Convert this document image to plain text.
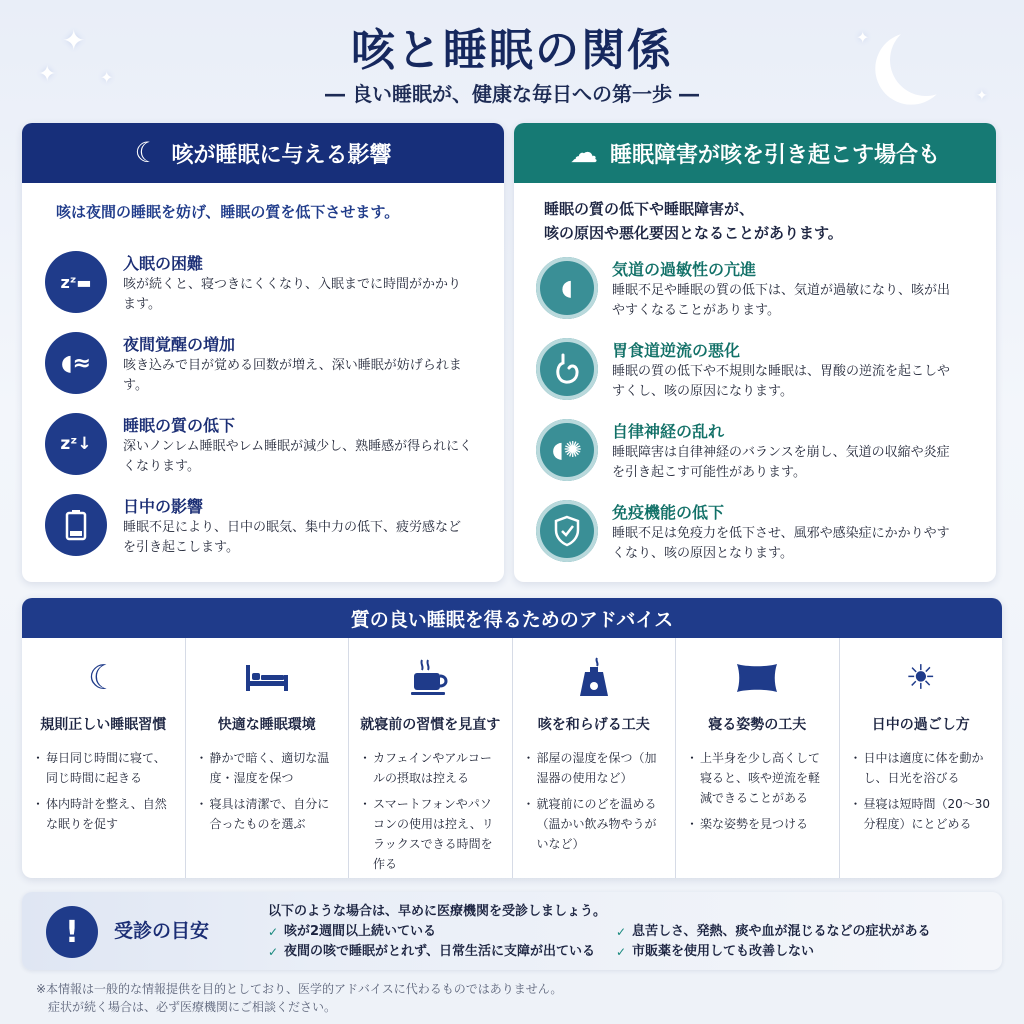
✦
✦	✦
✦
✦
咳と睡眠の関係
― 良い睡眠が、健康な毎日への第一歩 ―
☾ 咳が睡眠に与える影響
咳は夜間の睡眠を妨げ、睡眠の質を低下させます。
zᶻ▬
入眠の困難
咳が続くと、寝つきにくくなり、入眠までに時間がかかります。
◖≈
夜間覚醒の増加
咳き込みで目が覚める回数が増え、深い睡眠が妨げられます。
zᶻ↓
睡眠の質の低下
深いノンレム睡眠やレム睡眠が減少し、熟睡感が得られにくくなります。
日中の影響
睡眠不足により、日中の眠気、集中力の低下、疲労感などを引き起こします。
☁ 睡眠障害が咳を引き起こす場合も
睡眠の質の低下や睡眠障害が、
咳の原因や悪化要因となることがあります。
◖
気道の過敏性の亢進
睡眠不足や睡眠の質の低下は、気道が過敏になり、咳が出やすくなることがあります。
胃食道逆流の悪化
睡眠の質の低下や不規則な睡眠は、胃酸の逆流を起こしやすくし、咳の原因になります。
◖✺
自律神経の乱れ
睡眠障害は自律神経のバランスを崩し、気道の収縮や炎症を引き起こす可能性があります。
免疫機能の低下
睡眠不足は免疫力を低下させ、風邪や感染症にかかりやすくなり、咳の原因となります。
質の良い睡眠を得るためのアドバイス
☾
規則正しい睡眠習慣
・ 毎日同じ時間に寝て、同じ時間に起きる
・ 体内時計を整え、自然な眠りを促す
快適な睡眠環境
・ 静かで暗く、適切な温度・湿度を保つ
・ 寝具は清潔で、自分に合ったものを選ぶ
就寝前の習慣を見直す
・ カフェインやアルコールの摂取は控える
・ スマートフォンやパソコンの使用は控え、リラックスできる時間を作る
咳を和らげる工夫
・ 部屋の湿度を保つ（加湿器の使用など）
・ 就寝前にのどを温める（温かい飲み物やうがいなど）
寝る姿勢の工夫
・ 上半身を少し高くして寝ると、咳や逆流を軽減できることがある
・ 楽な姿勢を見つける
☀
日中の過ごし方
・ 日中は適度に体を動かし、日光を浴びる
・ 昼寝は短時間（20〜30分程度）にとどめる
!	受診の目安
以下のような場合は、早めに医療機関を受診しましょう。
✓ 咳が2週間以上続いている
✓ 夜間の咳で睡眠がとれず、日常生活に支障が出ている
✓ 息苦しさ、発熱、痰や血が混じるなどの症状がある
✓ 市販薬を使用しても改善しない
※本情報は一般的な情報提供を目的としており、医学的アドバイスに代わるものではありません。
症状が続く場合は、必ず医療機関にご相談ください。
